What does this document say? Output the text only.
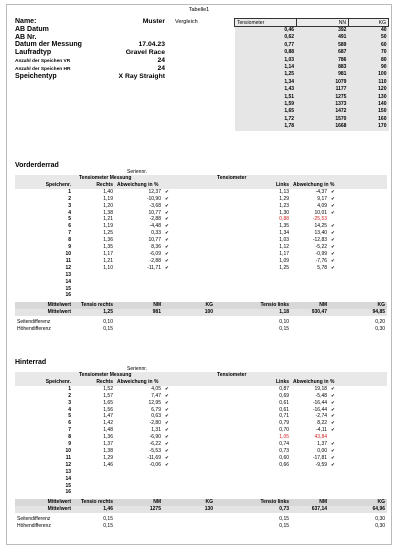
Tabelle1
Name:	Muster
AB Datum
AB Nr.
Datum der Messung	17.04.23
Laufradtyp	Gravel Race
Anzahl der Speichen VR	24
Anzahl der Speichen HR	24
Speichentyp	X Ray Straight
Vergleich	Tensiometer	NN	KG
0,46	392	40
0,62	491	50
0,77	589	60
0,88	687	70
1,03	786	80
1,14	883	90
1,25	981	100
1,34	1079	110
1,43	1177	120
1,51	1275	130
1,59	1373	140
1,65	1472	150
1,72	1570	160
1,78	1668	170
Vorderderrad
Seriennr.
	Tensiometer Messung				Tensiometer			
Speichenr.	Rechts	Abweichung in %			Links	Abweichung in %		
1	1,40	12,37	✔		1,13	-4,37	✔	
2	1,19	-10,90	✔		1,29	9,17	✔	
3	1,20	-3,68	✔		1,23	4,09	✔	
4	1,38	10,77	✔		1,30	10,01	✔	
5	1,21	-2,88	✔		0,88	-25,53		
6	1,19	-4,48	✔		1,35	14,25	✔	
7	1,25	0,33	✔		1,34	13,40	✔	
8	1,36	10,77	✔		1,03	-12,83	✔	
9	1,35	8,36	✔		1,12	-5,22	✔	
10	1,17	-6,09	✔		1,17	-0,99	✔	
11	1,21	-2,88	✔		1,09	-7,76	✔	
12	1,10	-11,71	✔		1,25	5,78	✔	
13								
14								
15								
16								

Mittelwert	Tensio rechts	NM	KG		Tensio links	NM	KG	
Mittelwert	1,25	981	100		1,18	930,47	94,85	

Seitendifferenz	0,10				0,10		0,20	
Höhendifferenz	0,15				0,15		0,30	
Hinterrad
Seriennr.
	Tensiometer Messung				Tensiometer			
Speichenr.	Rechts	Abweichung in %			Links	Abweichung in %		
1	1,52	4,05	✔		0,87	19,18	✔	
2	1,57	7,47	✔		0,69	-5,48	✔	
3	1,65	12,95	✔		0,61	-16,44	✔	
4	1,56	6,79	✔		0,61	-16,44	✔	
5	1,47	0,63	✔		0,71	-2,74	✔	
6	1,42	-2,80	✔		0,79	8,22	✔	
7	1,48	1,31	✔		0,70	-4,11	✔	
8	1,36	-6,90	✔		1,05	43,84		
9	1,37	-6,22	✔		0,74	1,37	✔	
10	1,38	-5,53	✔		0,73	0,00	✔	
11	1,29	-11,69	✔		0,60	-17,81	✔	
12	1,46	-0,06	✔		0,66	-9,59	✔	
13								
14								
15								
16								

Mittelwert	Tensio rechts	NM	KG		Tensio links	NM	KG	
Mittelwert	1,46	1275	130		0,73	637,14	64,96	

Seitendifferenz	0,15				0,15		0,30	
Höhendifferenz	0,15				0,15		0,30	
